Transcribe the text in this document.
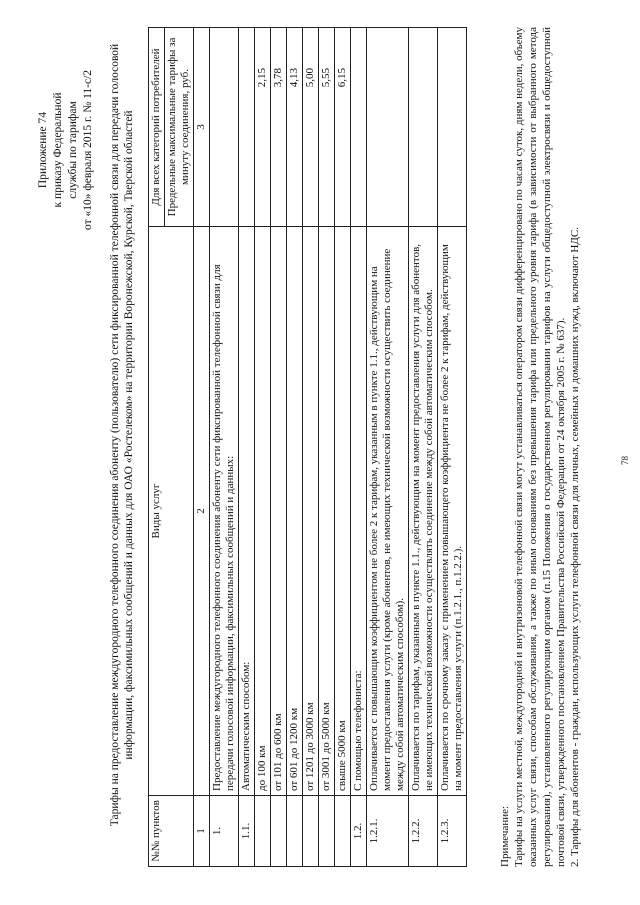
Приложение 74 к приказу Федеральной службы по тарифам от «10» февраля 2015 г. № 11-с/2 Тарифы на предоставление междугородного телефонного соединения абоненту (пользователю) сети фиксированной телефонной связи для передачи голосовой информации, факсимильных сообщений и данных для ОАО «Ростелеком» на территории Воронежской, Курской, Тверской областей
№№ пунктов	Виды услуг	Для всех категорий потребителей
		Предельные максимальные тарифы за минуту соединения, руб.
1	2	3
1.	Предоставление междугородного телефонного соединения абоненту сети фиксированной телефонной связи для передачи голосовой информации, факсимильных сообщений и данных:	
1.1.	Автоматическим способом:	
	до 100 км	2,15
	от 101 до 600 км	3,78
	от 601 до 1200 км	4,13
	от 1201 до 3000 км	5,00
	от 3001 до 5000 км	5,55
	свыше 5000 км	6,15
1.2.	С помощью телефониста:	
1.2.1.	Оплачивается с повышающим коэффициентом не более 2 к тарифам, указанным в пункте 1.1., действующим на момент предоставления услуги (кроме абонентов, не имеющих технической возможности осуществить соединение между собой автоматическим способом).	
1.2.2.	Оплачивается по тарифам, указанным в пункте 1.1., действующим на момент предоставления услуги для абонентов, не имеющих технической возможности осуществлять соединение между собой автоматическим способом.	
1.2.3.	Оплачивается по срочному заказу с применением повышающего коэффициента не более 2 к тарифам, действующим на момент предоставления услуги (п.1.2.1., п.1.2.2.).	

Примечание: Тарифы на услуги местной, междугородной и внутризоновой телефонной связи могут устанавливаться оператором связи дифференцировано по часам суток, дням недели, объему оказанных услуг связи, способам обслуживания, а также по иным основаниям без превышения тарифа или предельного уровня тарифа (в зависимости от выбранного метода регулирования), установленного регулирующим органом (п.15 Положения о государственном регулировании тарифов на услуги общедоступной электросвязи и общедоступной почтовой связи, утвержденного постановлением Правительства Российской Федерации от 24 октября 2005 г. № 637). 2. Тарифы для абонентов - граждан, использующих услуги телефонной связи для личных, семейных и домашних нужд, включают НДС.	78
